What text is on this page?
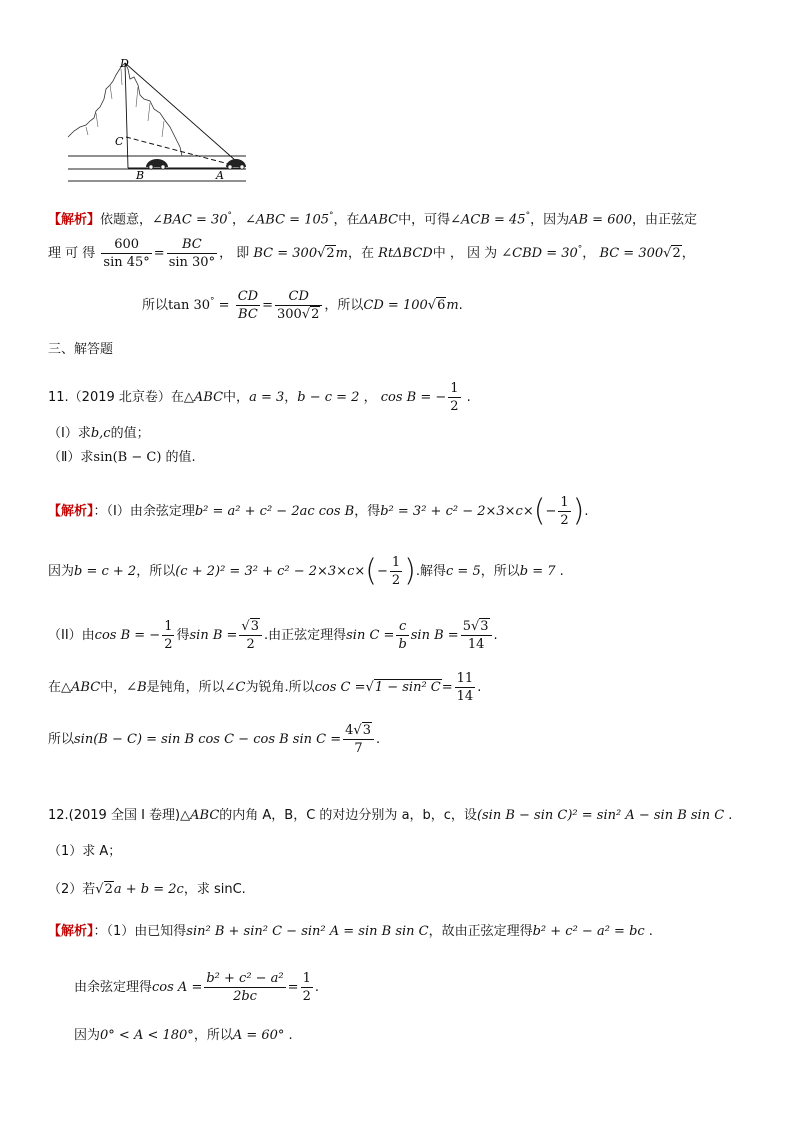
D
C
B	A
【解析】依题意，∠BAC = 30°，∠ABC = 105°，在ΔABC中，可得∠ACB = 45°，因为AB = 600，由正弦定
理 可 得 $\frac{600}{\sin 45^\circ} = \frac{BC}{\sin 30^\circ}$ ， 即 BC = 300√2m，在 RtΔBCD中 ， 因 为 ∠CBD = 30°， BC = 300√2，
所以$\tan 30^\circ = \frac{CD}{BC} = \frac{CD}{300√2}$ ，所以CD = 100√6m.
三、解答题
11.（2019 北京卷）在△ABC中，a = 3，b − c = 2 ， cos B = − $\frac{1}{2}$ .
（Ⅰ）求b,c的值；
（Ⅱ）求sin(B − C) 的值.
【解析】：（I）由余弦定理b² = a² + c² − 2ac cos B，得$b^2 = 3^2 + c^2 - 2\times 3\times c\times(- \frac{1}{2}$ ).
因为b = c + 2，所以$(c + 2)^2 = 3^2 + c^2 - 2\times 3\times c\times(- \frac{1}{2}$ ).解得c = 5，所以b = 7 .
（II）由cos B = − $\frac{1}{2}$ 得$\sin B = \frac{√3}{2}$ .由正弦定理得$\sin C = \frac{c}{b}$ $\sin B = \frac{5√3}{14}$ .
在△ABC中，∠B是钝角，所以∠C为锐角.所以cos C =√1 − sin² $C= \frac{11}{14}$ .
所以sin(B − C) = sin B cos C − cos B $\sin C = \frac{4√3}{7}$ .
12.(2019 全国 I 卷理)△ABC的内角 A，B，C 的对边分别为 a，b，c，设(sin B − sin C)² = sin² A − sin B sin C .
（1）求 A；
（2）若√2a + b = 2c，求 sinC.
【解析】：（1）由已知得sin² B + sin² C − sin² A = sin B sin C，故由正弦定理得b² + c² − a² = bc .
由余弦定理得$\cos A = \frac{\text{b² + c² − a²}}{2bc} = \frac{1}{2}$ .
因为0° < A < 180°，所以A = 60° .
